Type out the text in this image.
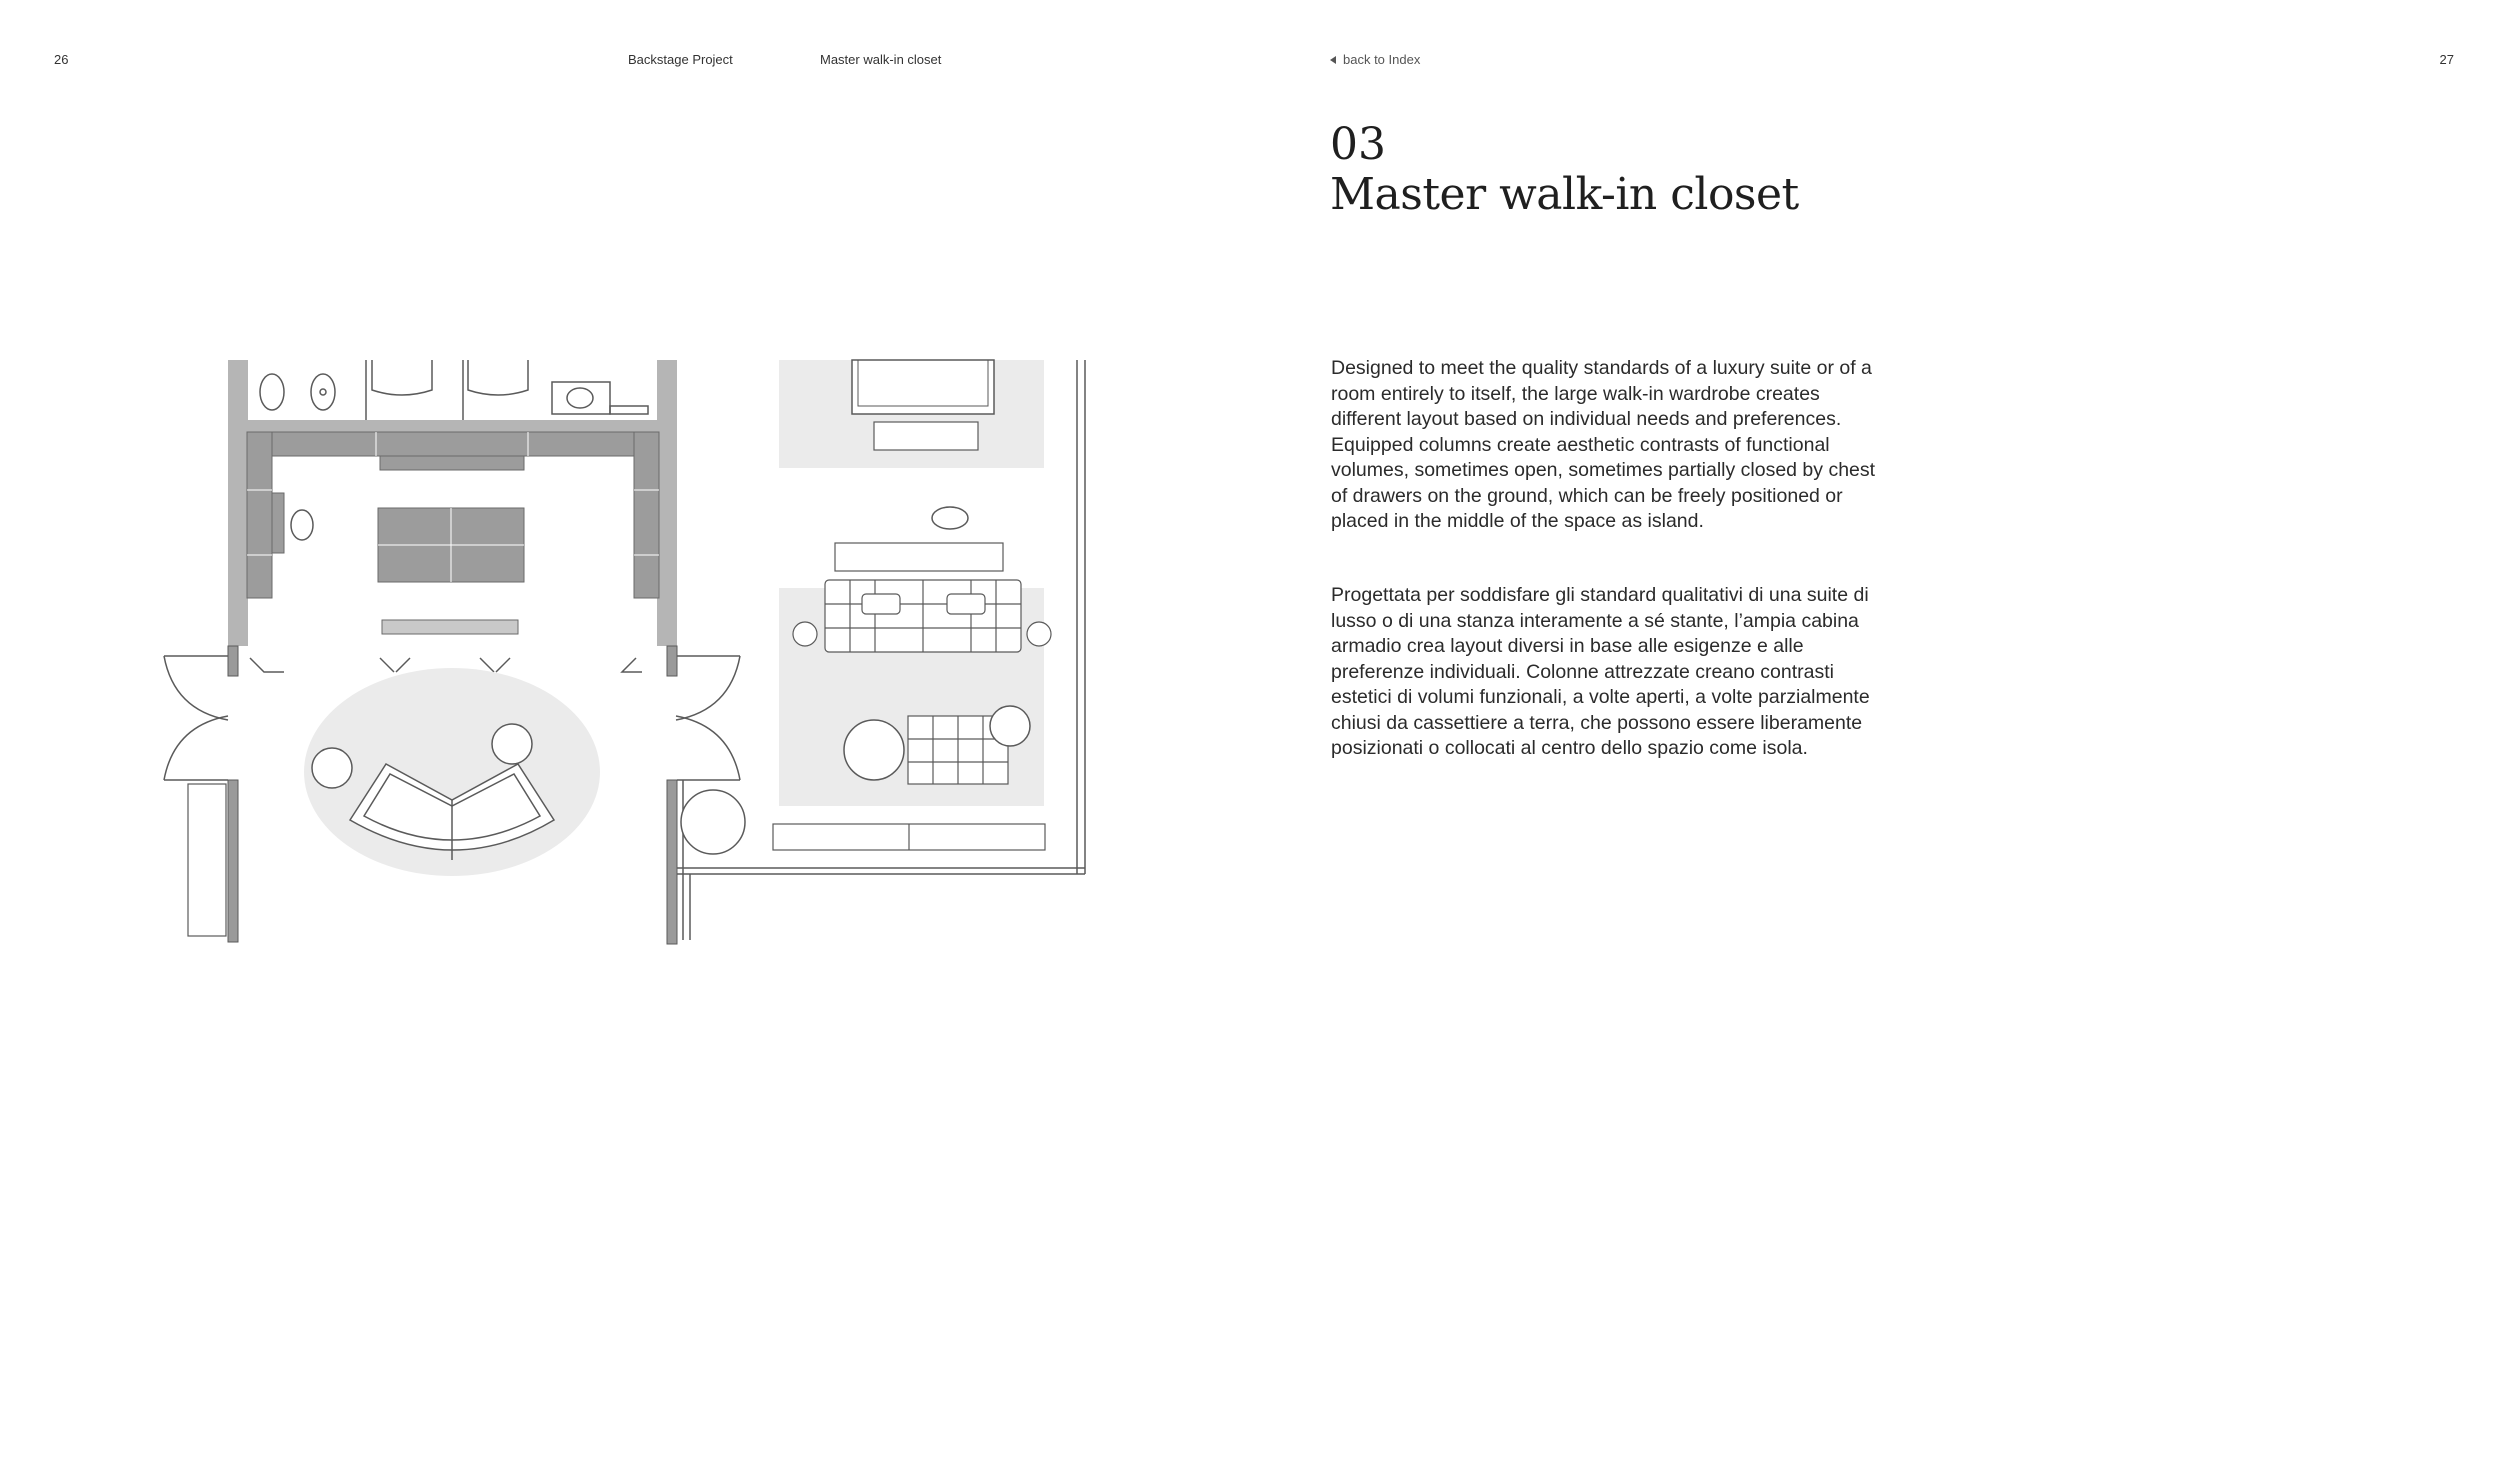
26	Backstage Project	Master walk-in closet	back to Index	27
03
Master walk-in closet

Designed to meet the quality standards of a luxury suite or of a room entirely to itself, the large walk-in wardrobe creates different layout based on individual needs and preferences. Equipped columns create aesthetic contrasts of functional volumes, sometimes open, sometimes partially closed by chest of drawers on the ground, which can be freely positioned or placed in the middle of the space as island.

Progettata per soddisfare gli standard qualitativi di una suite di lusso o di una stanza interamente a sé stante, l’ampia cabina armadio crea layout diversi in base alle esigenze e alle preferenze individuali. Colonne attrezzate creano contrasti estetici di volumi funzionali, a volte aperti, a volte parzialmente chiusi da cassettiere a terra, che possono essere liberamente posizionati o collocati al centro dello spazio come isola.
